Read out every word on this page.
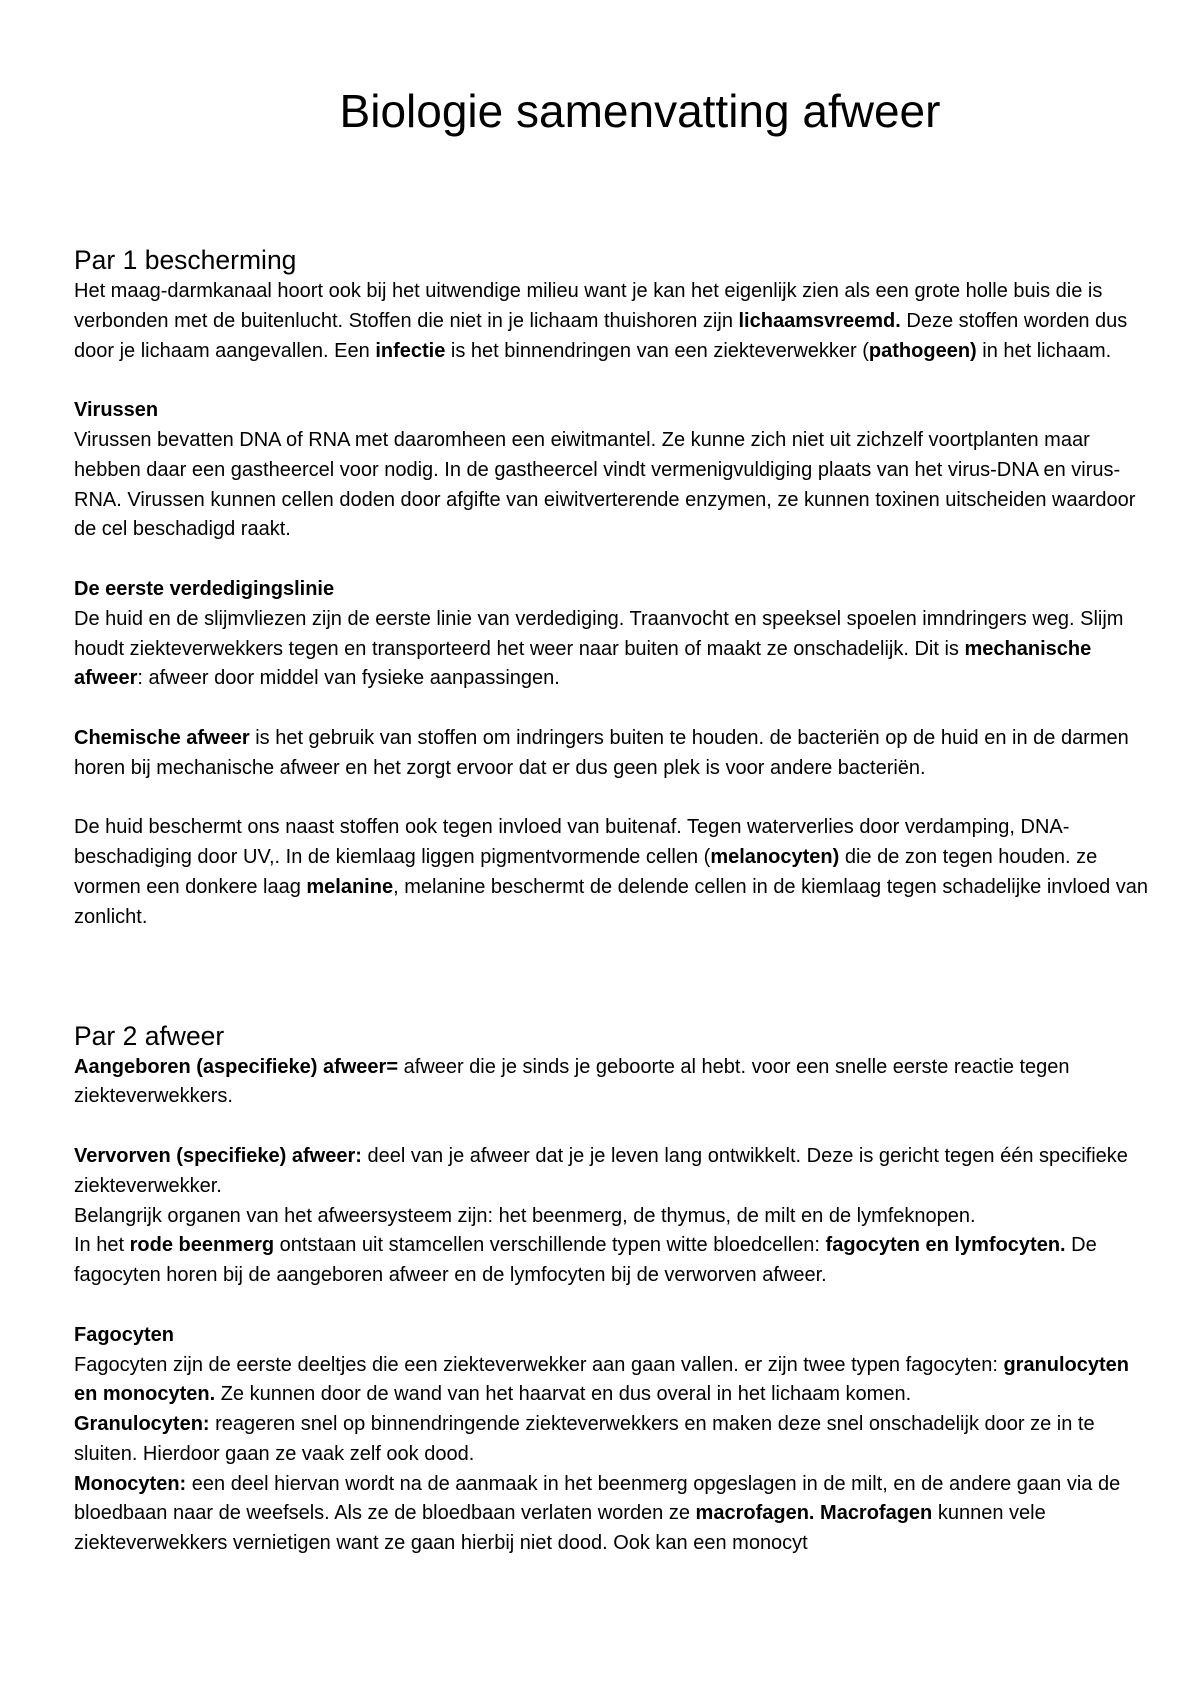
Biologie samenvatting afweer
Par 1 bescherming

Het maag-darmkanaal hoort ook bij het uitwendige milieu want je kan het eigenlijk zien als een grote holle buis die is verbonden met de buitenlucht. Stoffen die niet in je lichaam thuishoren zijn lichaamsvreemd. Deze stoffen worden dus door je lichaam aangevallen. Een infectie is het binnendringen van een ziekteverwekker (pathogeen) in het lichaam.

Virussen

Virussen bevatten DNA of RNA met daaromheen een eiwitmantel. Ze kunne zich niet uit zichzelf voortplanten maar hebben daar een gastheercel voor nodig. In de gastheercel vindt vermenigvuldiging plaats van het virus-DNA en virus-RNA. Virussen kunnen cellen doden door afgifte van eiwitverterende enzymen, ze kunnen toxinen uitscheiden waardoor de cel beschadigd raakt.

De eerste verdedigingslinie

De huid en de slijmvliezen zijn de eerste linie van verdediging. Traanvocht en speeksel spoelen imndringers weg. Slijm houdt ziekteverwekkers tegen en transporteerd het weer naar buiten of maakt ze onschadelijk. Dit is mechanische afweer: afweer door middel van fysieke aanpassingen.

Chemische afweer is het gebruik van stoffen om indringers buiten te houden. de bacteriën op de huid en in de darmen horen bij mechanische afweer en het zorgt ervoor dat er dus geen plek is voor andere bacteriën.

De huid beschermt ons naast stoffen ook tegen invloed van buitenaf. Tegen waterverlies door verdamping, DNA-beschadiging door UV,. In de kiemlaag liggen pigmentvormende cellen (melanocyten) die de zon tegen houden. ze vormen een donkere laag melanine, melanine beschermt de delende cellen in de kiemlaag tegen schadelijke invloed van zonlicht.

Par 2 afweer

Aangeboren (aspecifieke) afweer= afweer die je sinds je geboorte al hebt. voor een snelle eerste reactie tegen ziekteverwekkers.

Vervorven (specifieke) afweer: deel van je afweer dat je je leven lang ontwikkelt. Deze is gericht tegen één specifieke ziekteverwekker.

Belangrijk organen van het afweersysteem zijn: het beenmerg, de thymus, de milt en de lymfeknopen.

In het rode beenmerg ontstaan uit stamcellen verschillende typen witte bloedcellen: fagocyten en lymfocyten. De fagocyten horen bij de aangeboren afweer en de lymfocyten bij de verworven afweer.

Fagocyten

Fagocyten zijn de eerste deeltjes die een ziekteverwekker aan gaan vallen. er zijn twee typen fagocyten: granulocyten en monocyten. Ze kunnen door de wand van het haarvat en dus overal in het lichaam komen.

Granulocyten: reageren snel op binnendringende ziekteverwekkers en maken deze snel onschadelijk door ze in te sluiten. Hierdoor gaan ze vaak zelf ook dood.

Monocyten: een deel hiervan wordt na de aanmaak in het beenmerg opgeslagen in de milt, en de andere gaan via de bloedbaan naar de weefsels. Als ze de bloedbaan verlaten worden ze macrofagen. Macrofagen kunnen vele ziekteverwekkers vernietigen want ze gaan hierbij niet dood. Ook kan een monocyt
